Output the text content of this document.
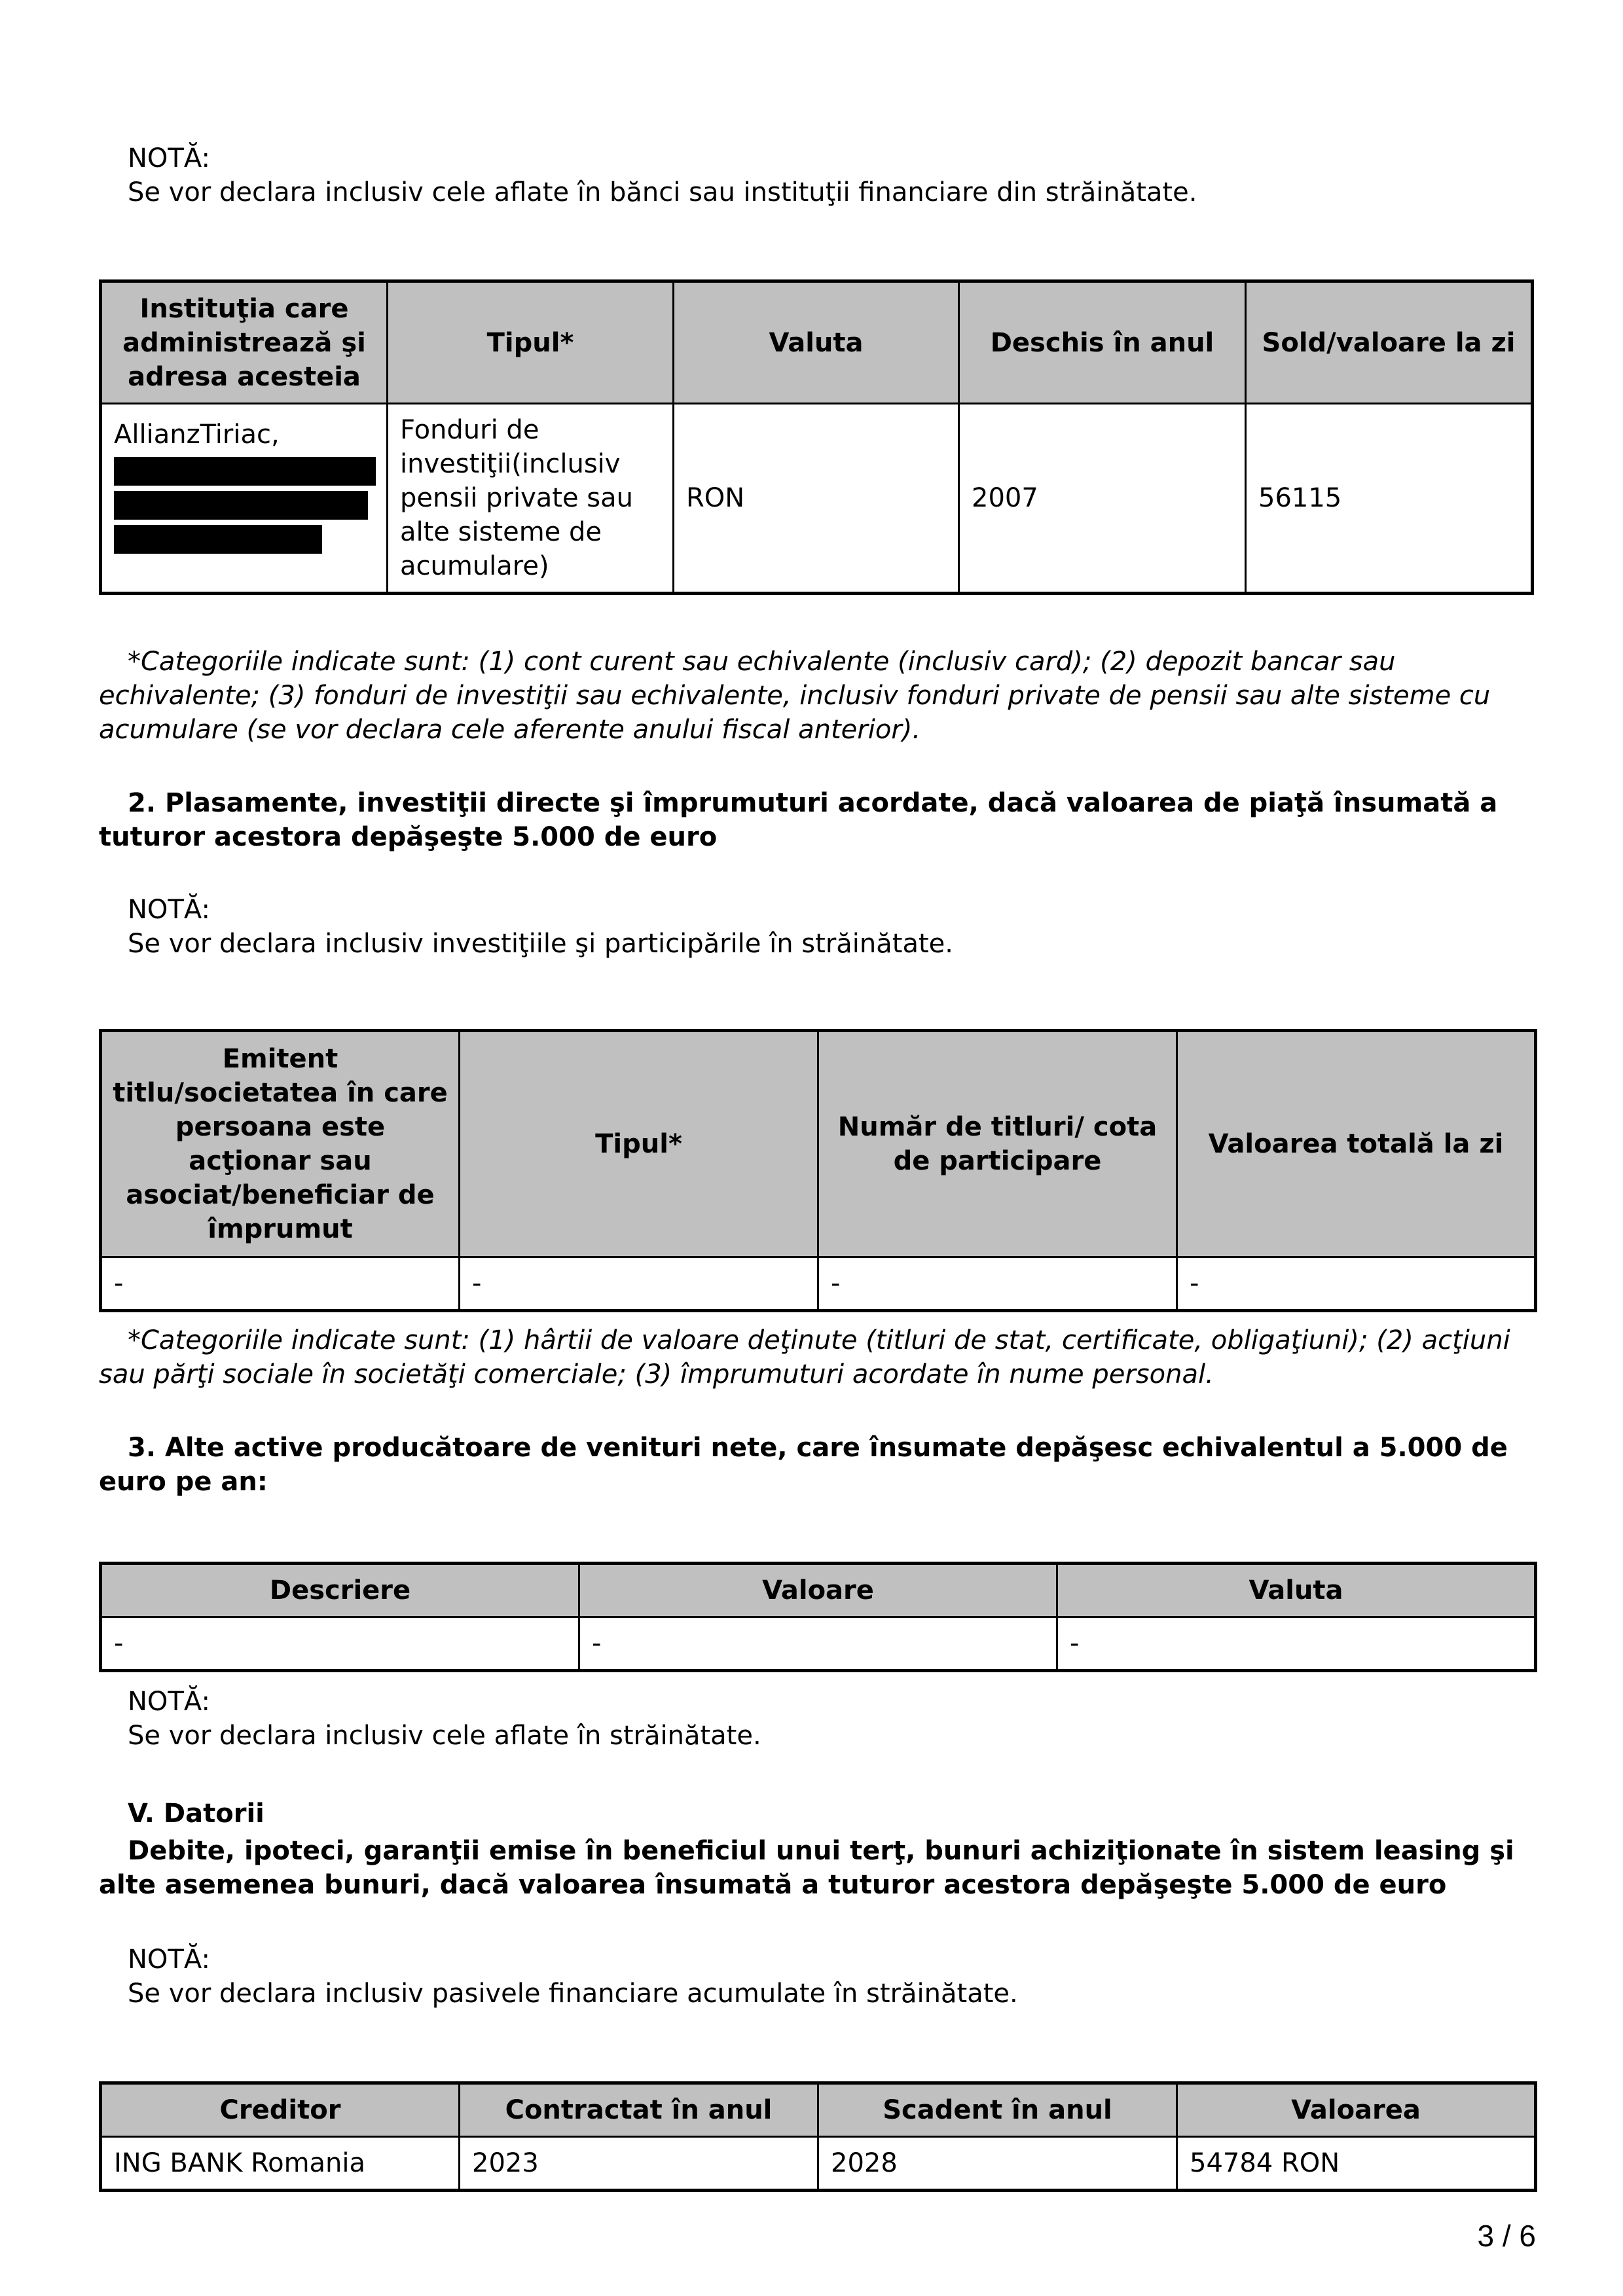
NOTĂ:
Se vor declara inclusiv cele aflate în bănci sau instituţii financiare din străinătate.
Instituţia care administrează şi adresa acesteia	Tipul*	Valuta	Deschis în anul	Sold/valoare la zi
AllianzTiriac,	Fonduri de investiţii(inclusiv pensii private sau alte sisteme de acumulare)	RON	2007	56115
*Categoriile indicate sunt: (1) cont curent sau echivalente (inclusiv card); (2) depozit bancar sau echivalente; (3) fonduri de investiţii sau echivalente, inclusiv fonduri private de pensii sau alte sisteme cu acumulare (se vor declara cele aferente anului fiscal anterior).
2. Plasamente, investiţii directe şi împrumuturi acordate, dacă valoarea de piaţă însumată a tuturor acestora depăşeşte 5.000 de euro
NOTĂ:
Se vor declara inclusiv investiţiile şi participările în străinătate.
Emitent titlu/societatea în care persoana este acţionar sau asociat/beneficiar de împrumut	Tipul*	Număr de titluri/ cota de participare	Valoarea totală la zi
-	-	-	-
*Categoriile indicate sunt: (1) hârtii de valoare deţinute (titluri de stat, certificate, obligaţiuni); (2) acţiuni sau părţi sociale în societăţi comerciale; (3) împrumuturi acordate în nume personal.
3. Alte active producătoare de venituri nete, care însumate depăşesc echivalentul a 5.000 de euro pe an:
Descriere	Valoare	Valuta
-	-	-
NOTĂ:
Se vor declara inclusiv cele aflate în străinătate.
V. Datorii
Debite, ipoteci, garanţii emise în beneficiul unui terţ, bunuri achiziţionate în sistem leasing şi alte asemenea bunuri, dacă valoarea însumată a tuturor acestora depăşeşte 5.000 de euro
NOTĂ:
Se vor declara inclusiv pasivele financiare acumulate în străinătate.
Creditor	Contractat în anul	Scadent în anul	Valoarea
ING BANK Romania	2023	2028	54784 RON
3 / 6
